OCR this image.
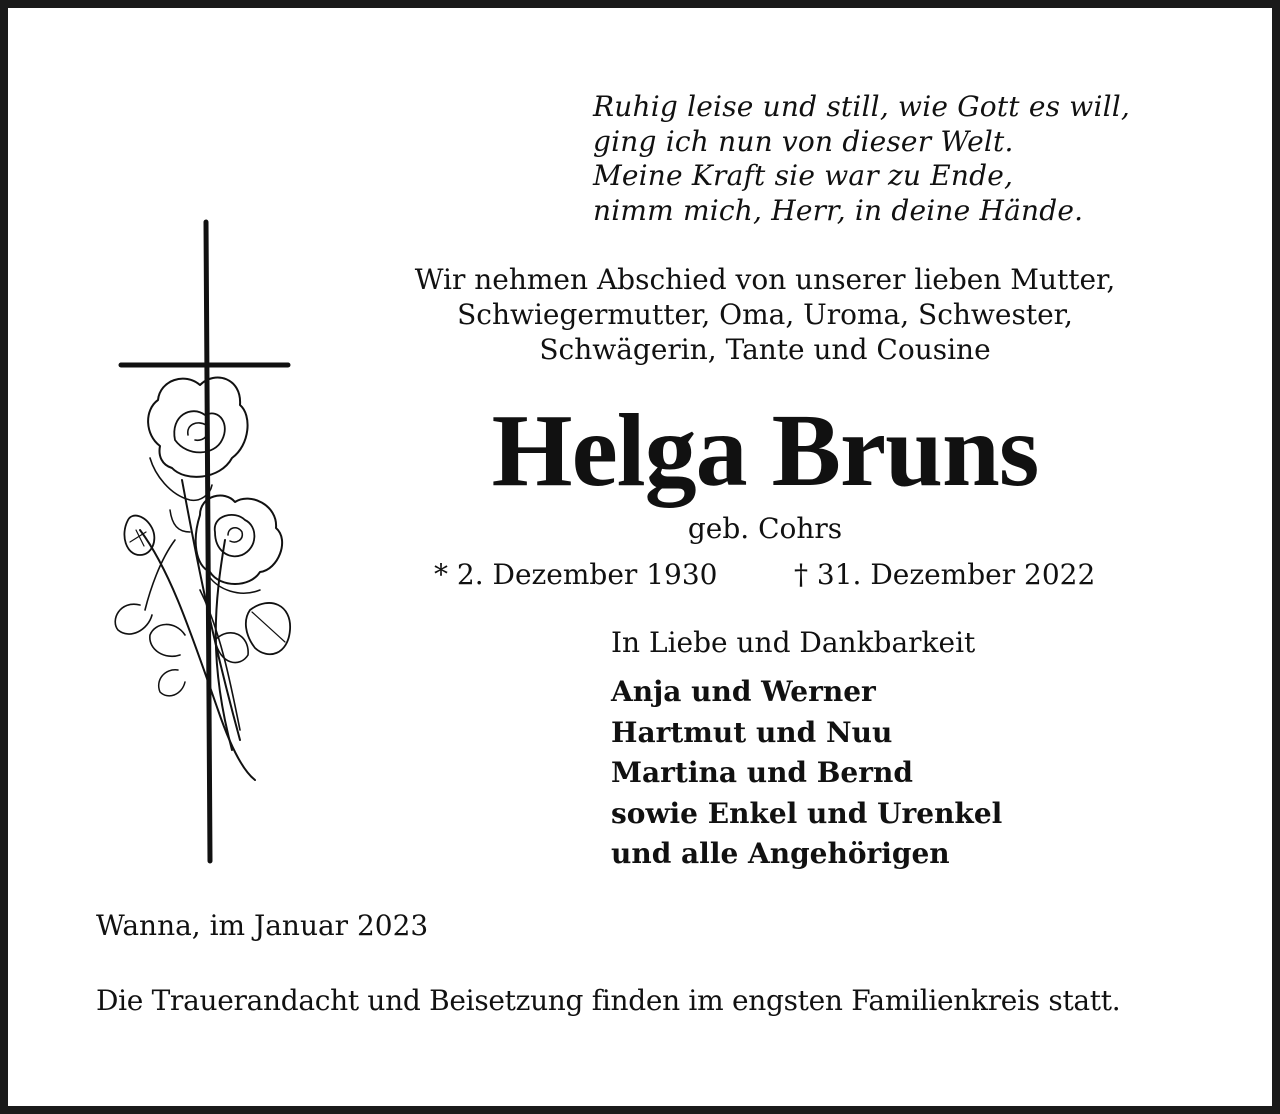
Ruhig leise und still, wie Gott es will,
ging ich nun von dieser Welt.
Meine Kraft sie war zu Ende,
nimm mich, Herr, in deine Hände.
Wir nehmen Abschied von unserer lieben Mutter,
Schwiegermutter, Oma, Uroma, Schwester,
Schwägerin, Tante und Cousine
Helga Bruns
geb. Cohrs
* 2. Dezember 1930	† 31. Dezember 2022
In Liebe und Dankbarkeit
Anja und Werner
Hartmut und Nuu
Martina und Bernd
sowie Enkel und Urenkel
und alle Angehörigen
Wanna, im Januar 2023
Die Trauerandacht und Beisetzung finden im engsten Familienkreis statt.
